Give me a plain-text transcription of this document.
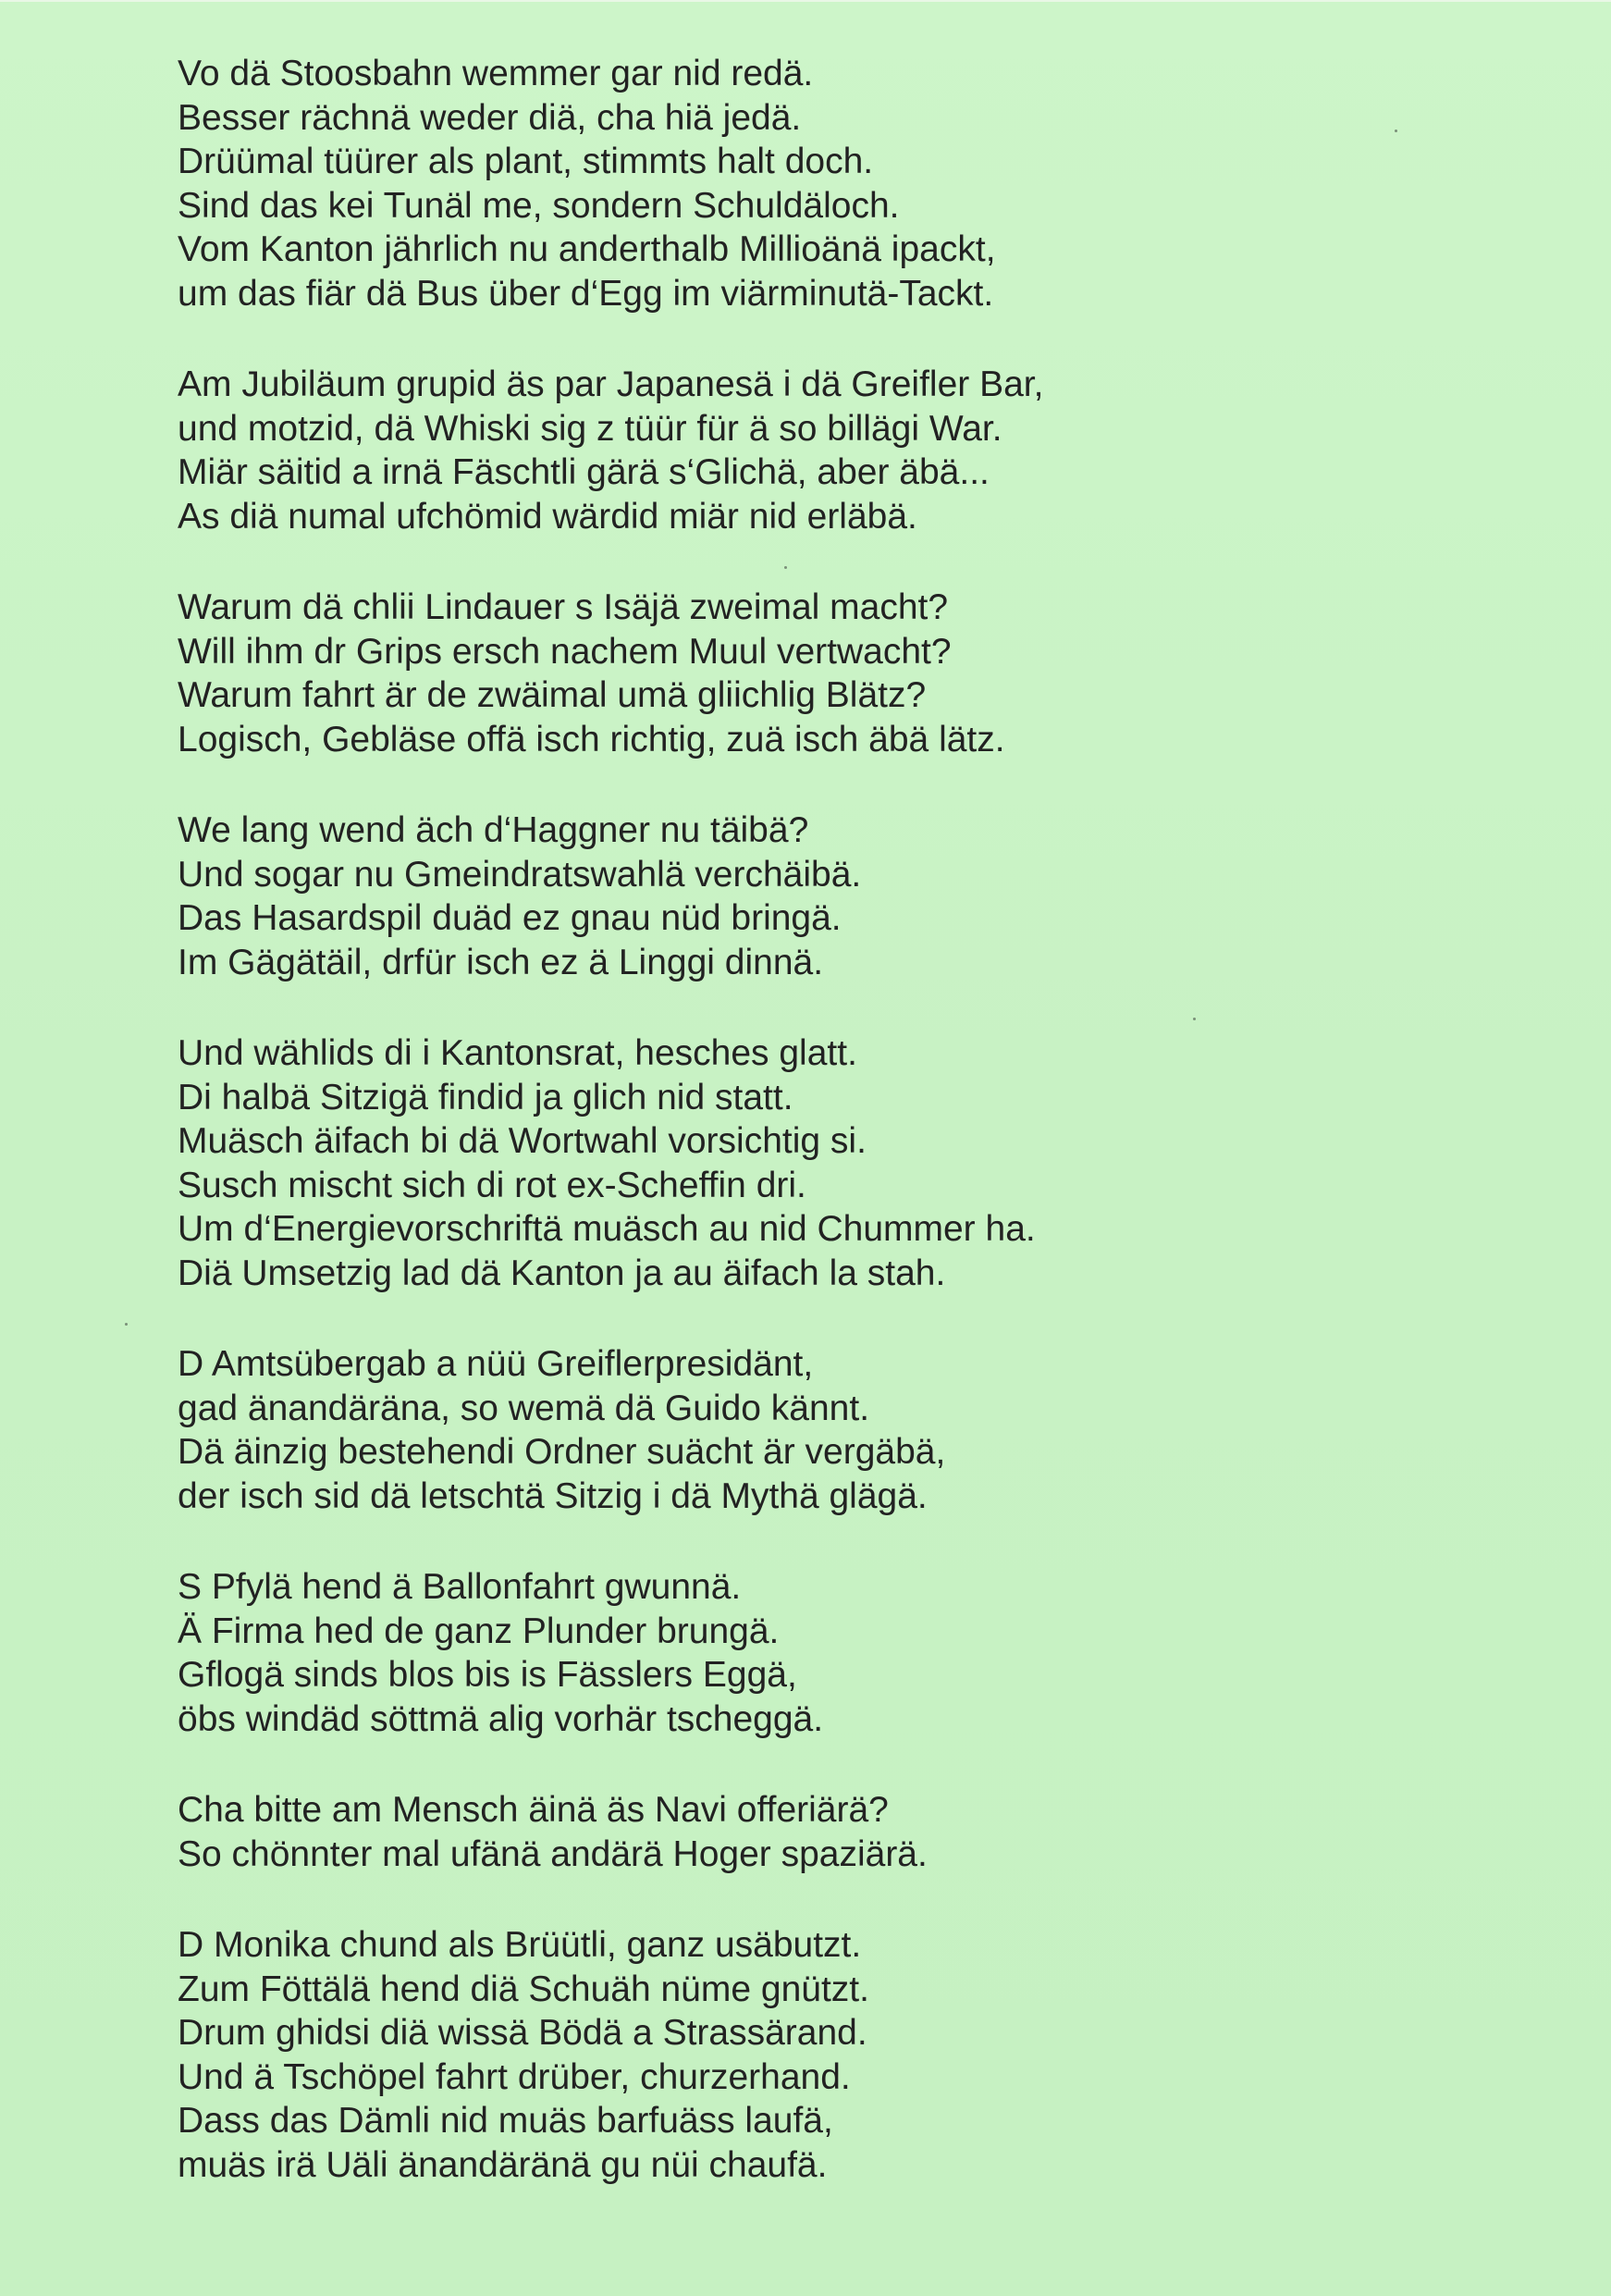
Vo dä Stoosbahn wemmer gar nid redä.
Besser rächnä weder diä, cha hiä jedä.
Drüümal tüürer als plant, stimmts halt doch.
Sind das kei Tunäl me, sondern Schuldäloch.
Vom Kanton jährlich nu anderthalb Millioänä ipackt,
um das fiär dä Bus über d‘Egg im viärminutä-Tackt.
Am Jubiläum grupid äs par Japanesä i dä Greifler Bar,
und motzid, dä Whiski sig z tüür für ä so billägi War.
Miär säitid a irnä Fäschtli gärä s‘Glichä, aber äbä...
As diä numal ufchömid wärdid miär nid erläbä.
Warum dä chlii Lindauer s Isäjä zweimal macht?
Will ihm dr Grips ersch nachem Muul vertwacht?
Warum fahrt är de zwäimal umä gliichlig Blätz?
Logisch, Gebläse offä isch richtig, zuä isch äbä lätz.
We lang wend äch d‘Haggner nu täibä?
Und sogar nu Gmeindratswahlä verchäibä.
Das Hasardspil duäd ez gnau nüd bringä.
Im Gägätäil, drfür isch ez ä Linggi dinnä.
Und wählids di i Kantonsrat, hesches glatt.
Di halbä Sitzigä findid ja glich nid statt.
Muäsch äifach bi dä Wortwahl vorsichtig si.
Susch mischt sich di rot ex-Scheffin dri.
Um d‘Energievorschriftä muäsch au nid Chummer ha.
Diä Umsetzig lad dä Kanton ja au äifach la stah.
D Amtsübergab a nüü Greiflerpresidänt,
gad änandäräna, so wemä dä Guido kännt.
Dä äinzig bestehendi Ordner suächt är vergäbä,
der isch sid dä letschtä Sitzig i dä Mythä glägä.
S Pfylä hend ä Ballonfahrt gwunnä.
Ä Firma hed de ganz Plunder brungä.
Gflogä sinds blos bis is Fässlers Eggä,
öbs windäd söttmä alig vorhär tscheggä.
Cha bitte am Mensch äinä äs Navi offeriärä?
So chönnter mal ufänä andärä Hoger spaziärä.
D Monika chund als Brüütli, ganz usäbutzt.
Zum Föttälä hend diä Schuäh nüme gnützt.
Drum ghidsi diä wissä Bödä a Strassärand.
Und ä Tschöpel fahrt drüber, churzerhand.
Dass das Dämli nid muäs barfuäss laufä,
muäs irä Uäli änandäränä gu nüi chaufä.
